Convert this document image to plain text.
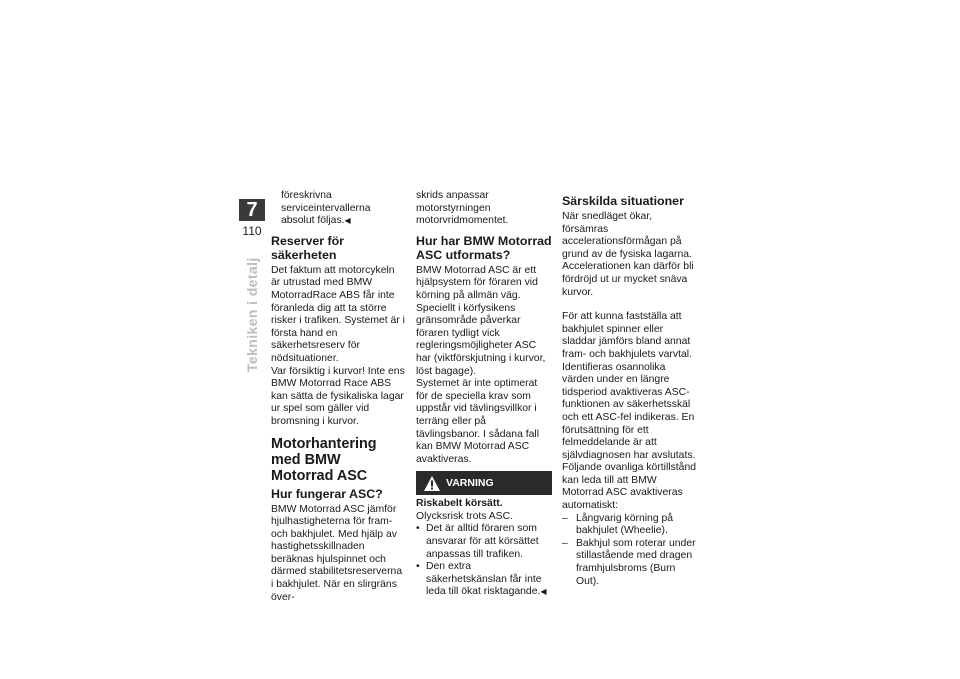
7
110
Tekniken i detalj

föreskrivna serviceintervallerna absolut följas.◀

Reserver för säkerheten

Det faktum att motorcykeln är utrustad med BMW MotorradRace ABS får inte föranleda dig att ta större risker i trafiken. Systemet är i första hand en säkerhetsreserv för nödsituationer.

Var försiktig i kurvor! Inte ens BMW Motorrad Race ABS kan sätta de fysikaliska lagar ur spel som gäller vid bromsning i kurvor.

Motorhantering med BMW Motorrad ASC
Hur fungerar ASC?

BMW Motorrad ASC jämför hjulhastigheterna för fram- och bakhjulet. Med hjälp av hastighetsskillnaden beräknas hjulspinnet och därmed stabilitetsreserverna i bakhjulet. När en slirgräns över-

skrids anpassar motorstyrningen motorvridmomentet.

Hur har BMW Motorrad ASC utformats?

BMW Motorrad ASC är ett hjälpsystem för föraren vid körning på allmän väg. Speciellt i körfysikens gränsområde påverkar föraren tydligt vick regleringsmöjligheter ASC har (viktförskjutning i kurvor, löst bagage).

Systemet är inte optimerat för de speciella krav som uppstår vid tävlingsvillkor i terräng eller på tävlingsbanor. I sådana fall kan BMW Motorrad ASC avaktiveras.

VARNING

Riskabelt körsätt.

Olycksrisk trots ASC.

• Det är alltid föraren som ansvarar för att körsättet anpassas till trafiken.
• Den extra säkerhetskänslan får inte leda till ökat risktagande.◀
Särskilda situationer

När snedläget ökar, försämras accelerationsförmågan på grund av de fysiska lagarna. Accelerationen kan därför bli fördröjd ut ur mycket snäva kurvor.

För att kunna fastställa att bakhjulet spinner eller sladdar jämförs bland annat fram- och bakhjulets varvtal. Identifieras osannolika värden under en längre tidsperiod avaktiveras ASC-funktionen av säkerhetsskäl och ett ASC-fel indikeras. En förutsättning för ett felmeddelande är att självdiagnosen har avslutats.

Följande ovanliga körtillstånd kan leda till att BMW Motorrad ASC avaktiveras automatiskt:

– Långvarig körning på bakhjulet (Wheelie).
– Bakhjul som roterar under stillastående med dragen framhjulsbroms (Burn Out).
